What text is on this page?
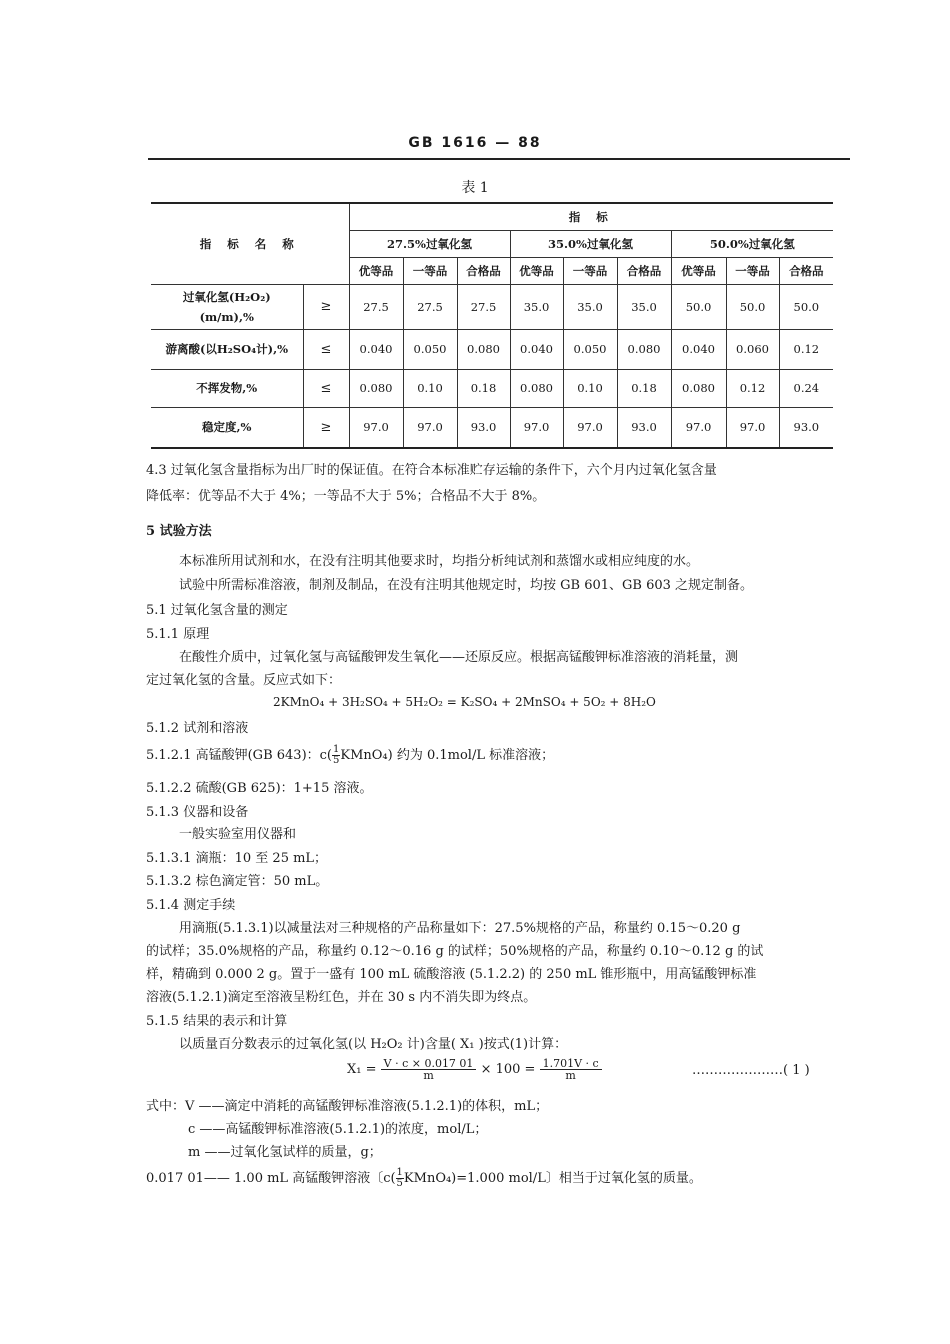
GB 1616 — 88
表 1
指 标 名 称		指 标								
		27.5%过氧化氢			35.0%过氧化氢			50.0%过氧化氢		
		优等品	一等品	合格品	优等品	一等品	合格品	优等品	一等品	合格品

过氧化氢(H₂O₂)
(m/m),%	≥	27.5	27.5	27.5	35.0	35.0	35.0	50.0	50.0	50.0
游离酸(以H₂SO₄计),%	≤	0.040	0.050	0.080	0.040	0.050	0.080	0.040	0.060	0.12
不挥发物,%	≤	0.080	0.10	0.18	0.080	0.10	0.18	0.080	0.12	0.24
稳定度,%	≥	97.0	97.0	93.0	97.0	97.0	93.0	97.0	97.0	93.0
4.3 过氧化氢含量指标为出厂时的保证值。在符合本标准贮存运输的条件下，六个月内过氧化氢含量
降低率：优等品不大于 4%；一等品不大于 5%；合格品不大于 8%。
5 试验方法
本标准所用试剂和水，在没有注明其他要求时，均指分析纯试剂和蒸馏水或相应纯度的水。
试验中所需标准溶液，制剂及制品，在没有注明其他规定时，均按 GB 601、GB 603 之规定制备。
5.1 过氧化氢含量的测定
5.1.1 原理
在酸性介质中，过氧化氢与高锰酸钾发生氧化——还原反应。根据高锰酸钾标准溶液的消耗量，测
定过氧化氢的含量。反应式如下：
2KMnO₄ + 3H₂SO₄ + 5H₂O₂ = K₂SO₄ + 2MnSO₄ + 5O₂ + 8H₂O
5.1.2 试剂和溶液
5.1.2.1 高锰酸钾(GB 643)：$c( \frac{1}{5}$ KMnO₄) 约为 0.1mol/L 标准溶液；
5.1.2.2 硫酸(GB 625)：1+15 溶液。
5.1.3 仪器和设备
一般实验室用仪器和
5.1.3.1 滴瓶：10 至 25 mL；
5.1.3.2 棕色滴定管：50 mL。
5.1.4 测定手续
用滴瓶(5.1.3.1)以减量法对三种规格的产品称量如下：27.5%规格的产品，称量约 0.15～0.20 g
的试样；35.0%规格的产品，称量约 0.12～0.16 g 的试样；50%规格的产品，称量约 0.10～0.12 g 的试
样，精确到 0.000 2 g。置于一盛有 100 mL 硫酸溶液 (5.1.2.2) 的 250 mL 锥形瓶中，用高锰酸钾标准
溶液(5.1.2.1)滴定至溶液呈粉红色，并在 30 s 内不消失即为终点。
5.1.5 结果的表示和计算
以质量百分数表示的过氧化氢(以 H₂O₂ 计)含量( X₁ )按式(1)计算：
$X_1 = \frac{V \cdot c \times 0.017 01}{m} \times 100 = \frac{1.701V \cdot c}{m}$	…………………( 1 )
式中：V ——滴定中消耗的高锰酸钾标准溶液(5.1.2.1)的体积，mL；
c ——高锰酸钾标准溶液(5.1.2.1)的浓度，mol/L；
m ——过氧化氢试样的质量，g；
0.017 01—— 1.00 mL 高锰酸钾溶液〔$c( \frac{1}{5}$ KMnO₄)=1.000 mol/L〕相当于过氧化氢的质量。
